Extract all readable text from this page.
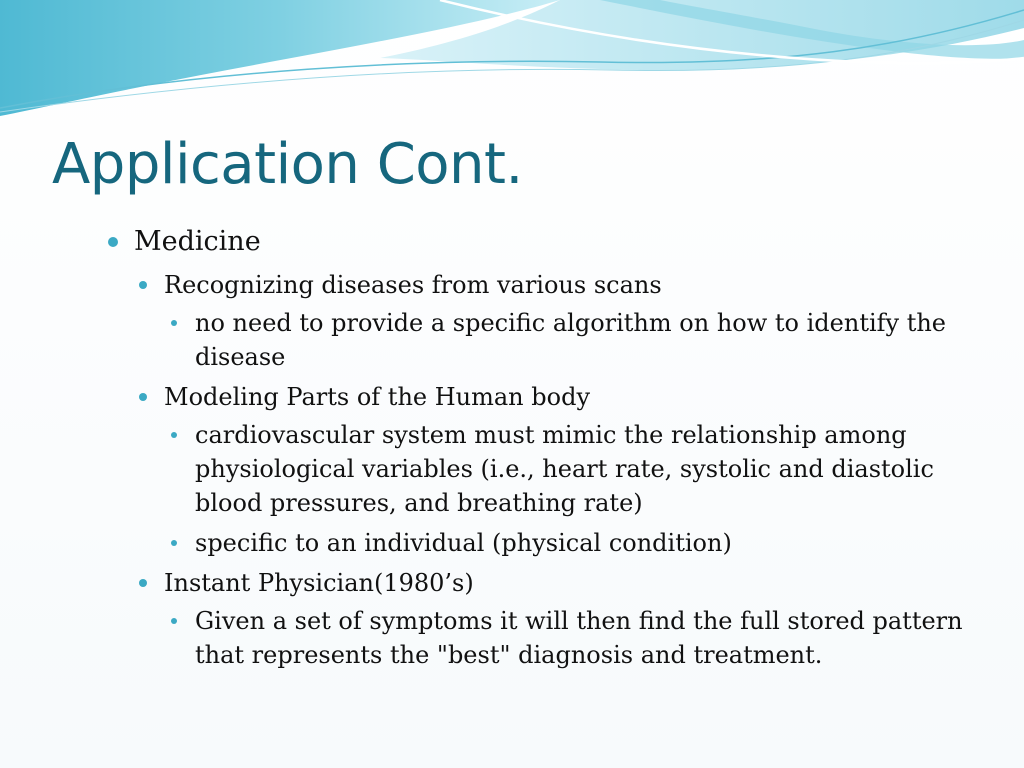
Application Cont.

Medicine

Recognizing diseases from various scans

no need to provide a specific algorithm on how to identify the disease

Modeling Parts of the Human body

cardiovascular system must mimic the relationship among physiological variables (i.e., heart rate, systolic and diastolic blood pressures, and breathing rate)

specific to an individual (physical condition)

Instant Physician(1980’s)

Given a set of symptoms it will then find the full stored pattern that represents the "best" diagnosis and treatment.
